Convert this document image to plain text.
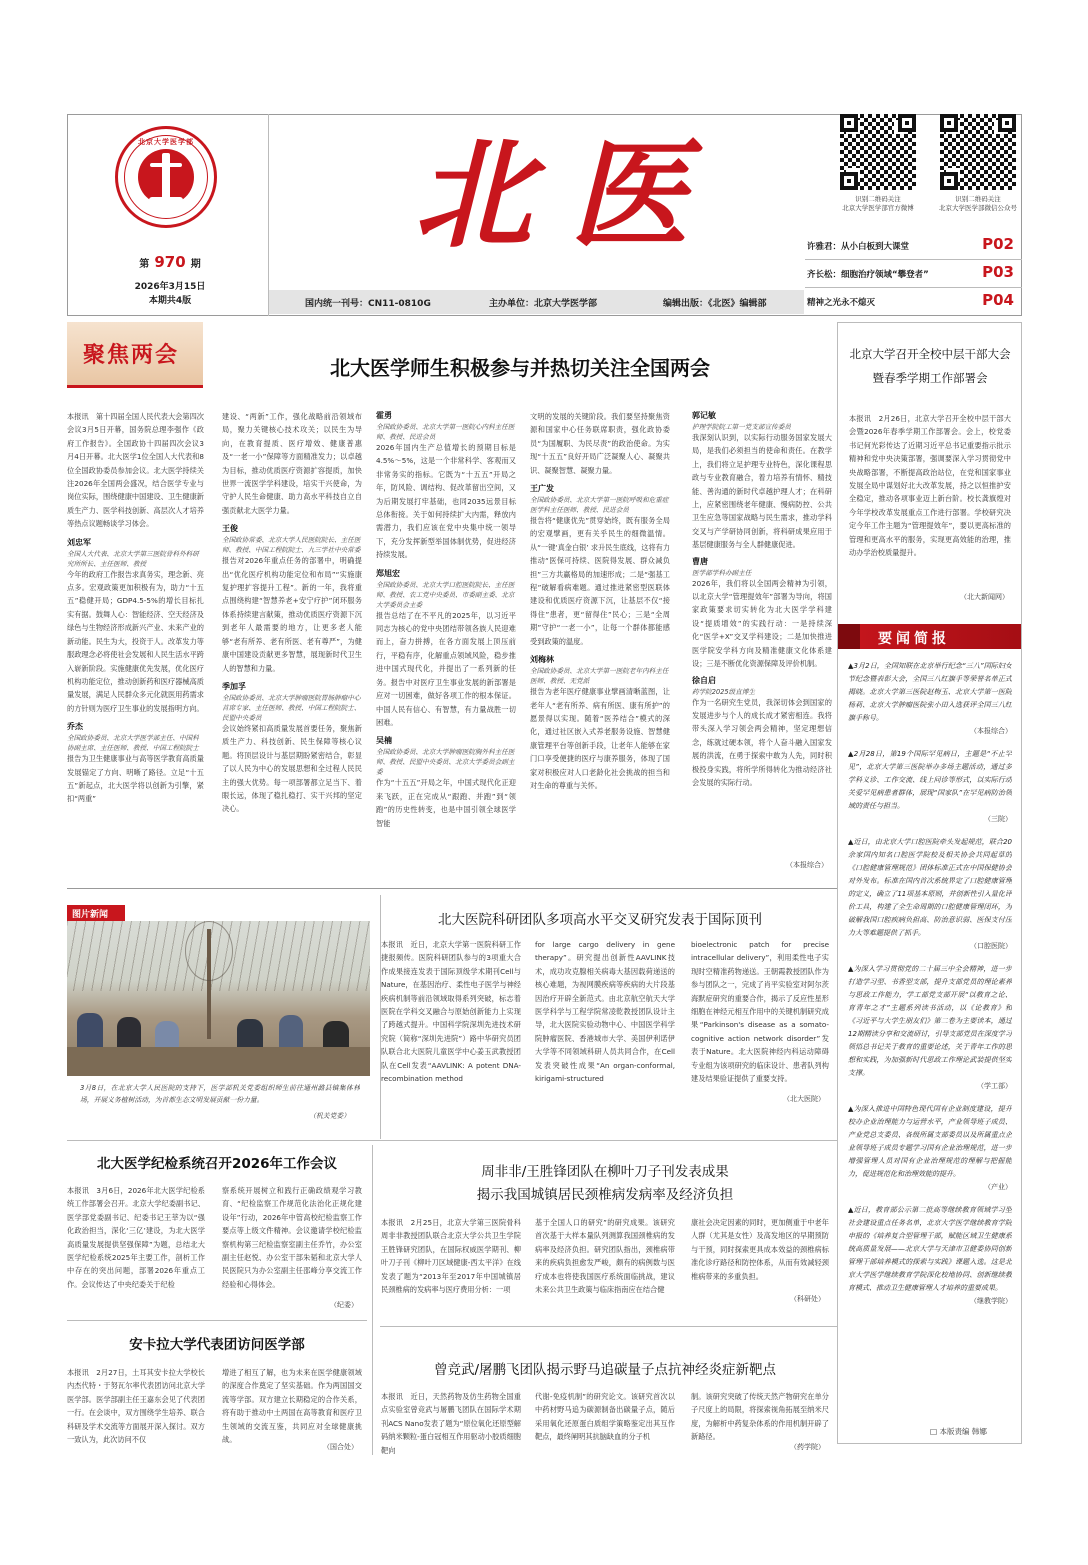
北京大学医学部
第 970 期
2026年3月15日
本期共4版
北医	识别二维码关注
北京大学医学部官方微博
识别二维码关注
北京大学医学部微信公众号
许雅君：从小白板到大课堂	P02
齐长松：细胞治疗领域“攀登者”	P03
精神之光永不熄灭	P04
国内统一刊号：CN11-0810G	主办单位：北京大学医学部	编辑出版：《北医》编辑部
聚焦两会	北大医学师生积极参与并热切关注全国两会

本报讯　第十四届全国人民代表大会第四次会议3月5日开幕，国务院总理李强作《政府工作报告》。全国政协十四届四次会议3月4日开幕。北大医学1位全国人大代表和8位全国政协委员参加会议。北大医学持续关注2026年全国两会盛况，结合医学专业与岗位实际，围绕健康中国建设、卫生健康新质生产力、医学科技创新、高层次人才培养等热点议题畅谈学习体会。

刘忠军
全国人大代表、北京大学第三医院骨科外科研究所所长、主任医师、教授

今年的政府工作报告求真务实，理念新、亮点多。宏观政策更加积极有为，助力“十五五”稳健开局；GDP4.5-5%的增长目标扎实有据。鼓舞人心：智能经济、空天经济及绿色与生物经济形成新兴产业、未来产业的新动能。民生为大，投资于人。改革发力等服政理念必将使社会发展和人民生活水平跨入崭新阶段。实施健康优先发展，优化医疗机构功能定位，推动创新药和医疗器械高质量发展，满足人民群众多元化就医用药需求的方针则为医疗卫生事业的发展指明方向。

乔杰
全国政协委员、北京大学医学部主任、中国科协副主席、主任医师、教授、中国工程院院士

报告为卫生健康事业与高等医学教育高质量发展锚定了方向、明晰了路径。立足“十五五”新起点，北大医学将以创新为引擎，紧扣“两重”

建设、“两新”工作，强化战略前沿领域布局，聚力关键核心技术攻关；以民生为导向，在教育提质、医疗增效、健康普惠及“一老一小”保障等方面精准发力；以卓越为目标，推动优质医疗资源扩容提质，加快世界一流医学学科建设，培实干兴使命，为守护人民生命健康、助力高水平科技自立自强贡献北大医学力量。

王俊
全国政协常委、北京大学人民医院院长、主任医师、教授、中国工程院院士、九三学社中央常委

报告对2026年重点任务的部署中，明确提出“优化医疗机构功能定位和布局”“实施康复护理扩容提升工程”。新的一年，我将重点围绕构建“智慧养老+安宁疗护”闭环服务体系持续建言献策，推动优质医疗资源下沉到老年人最需要的地方，让更多老人能够“老有所养、老有所医、老有尊严”，为健康中国建设贡献更多智慧，展现新时代卫生人的智慧和力量。

季加孚
全国政协委员、北京大学肿瘤医院胃肠肿瘤中心首席专家、主任医师、教授、中国工程院院士、民盟中央委员

会议始终紧扣高质量发展首要任务，聚焦新质生产力、科技创新、民生保障等核心议题。将顶层设计与基层期盼紧密结合，彰显了以人民为中心的发展思想和全过程人民民主的强大优势。每一项部署都立足当下、着眼长远，体现了稳扎稳打、实干兴邦的坚定决心。

霍勇
全国政协委员、北京大学第一医院心内科主任医师、教授、民进会员

2026年国内生产总值增长的预期目标是4.5%～5%，这是一个非常科学、客观而又非常务实的指标。它既为“十五五”开局之年，防风险、调结构、促改革留出空间，又为后期发展打牢基础，也同2035远景目标总体衔接。关于如何持续扩大内需，释放内需潜力，我们应该在党中央集中统一领导下，充分发挥新型举国体制优势，促进经济持续发展。

郑旭宏
全国政协委员、北京大学口腔医院院长、主任医师、教授、农工党中央委员、市委副主委、北京大学委员会主委

报告总结了在不平凡的2025年，以习近平同志为核心的党中央团结带领各族人民迎难而上，奋力拼搏，在各方面发展上顶压前行，平稳有序，化解重点领域风险，稳步推进中国式现代化，并提出了一系列新的任务。报告中对医疗卫生事业发展的新部署是应对一切困难，做好各项工作的根本保证。中国人民有信心、有智慧，有力量战胜一切困难。

吴楠
全国政协委员、北京大学肿瘤医院胸外科主任医师、教授、民盟中央委员、北京大学委员会副主委

作为“十五五”开局之年，中国式现代化正迎来飞跃，正在完成从“跟跑、并跑”到“领跑”的历史性转变，也是中国引领全球医学智能

文明的发展的关键阶段。我们要坚持聚焦资源和国家中心任务联席职责，强化政协委员“为国履职、为民尽责”的政治使命。为实现“十五五”良好开局广泛凝聚人心、凝聚共识、凝聚智慧、凝聚力量。

王广发
全国政协委员、北京大学第一医院呼吸和危重症医学科主任医师、教授、民进会员

报告将“健康优先”贯穿始终，既有服务全局的宏观擘画，更有关乎民生的细微温情。从“一键‘真金白银’ 求升民生底线，这将有力推动“医保可持续、医院得发展、群众减负担”三方共赢格局的加速形成；二是“强基工程”破解看病难题。通过推进紧密型医联体建设和优质医疗资源下沉，让基层不仅“接得住”患者，更“留得住”民心；三是“全周期”守护“一老一小”，让每一个群体都能感受到政策的温度。

刘梅林
全国政协委员、北京大学第一医院老年内科主任医师、教授、无党派

报告为老年医疗健康事业擘画清晰蓝图，让老年人“老有所养、病有所医、康有所护”的愿景得以实现。随着“医养结合”模式的深化，通过社区嵌入式养老服务设施、智慧健康管理平台等创新手段，让老年人能够在家门口享受便捷的医疗与康养服务，体现了国家对积极应对人口老龄化社会挑战的担当和对生命的尊重与关怀。

郭记敏
护理学院院工第一党支部宣传委员

我深刻认识到，以实际行动服务国家发展大局，是我们必须担当的使命和责任。在教学上，我们将立足护理专业特色，深化课程思政与专业教育融合，着力培养有情怀、精技能、善沟通的新时代卓越护理人才；在科研上，应紧密围绕老年健康、慢病防控、公共卫生应急等国家战略与民生需求，推动学科交叉与产学研协同创新，将科研成果应用于基层健康服务与全人群健康促进。

曹唐
医学部学科办副主任

2026年，我们将以全国两会精神为引领，以北京大学“管理提效年”部署为导向，将国家政策要求切实转化为北大医学学科建设“提质增效”的实践行动：一是持续深化“医学+X”交叉学科建设；二是加快推进医学院安学科方向及精准健康文化体系建设；三是不断优化资源保障及评价机制。

徐自启
药学院2025级直博生

作为一名研究生党员，我深切体会到国家的发展进步与个人的成长成才紧密相连。我将带头深入学习领会两会精神，坚定理想信念，练就过硬本领，将个人奋斗融入国家发展的洪流，在勇于探索中敢为人先，同时积极投身实践，将所学所得转化为推动经济社会发展的实际行动。

（本报综合）
北京大学召开全校中层干部大会
暨春季学期工作部署会

本报讯　2月26日，北京大学召开全校中层干部大会暨2026年春季学期工作部署会。会上，校党委书记何光彩传达了近期习近平总书记重要指示批示精神和党中央决策部署，强调要深入学习贯彻党中央战略部署，不断提高政治站位，在党和国家事业发展全局中谋划好北大改革发展，持之以恒推护安全稳定，推动各项事业迈上新台阶。校长龚旗煌对今年学校改革发展重点工作进行部署。学校研究决定今年工作主题为“管理提效年”，要以更高标准的管理和更高水平的服务，实现更高效能的治理，推动办学治校质量提升。

（北大新闻网）
要闻简报

▲3月2日，全国知联在北京举行纪念“三八”国际妇女节纪念暨表彰大会，全国三八红旗手等荣誉名单正式揭晓。北京大学第三医院赵梅玉、北京大学第一医院杨莉、北京大学肿瘤医院张小田入选获评全国三八红旗手称号。

（本报综合）

▲2月28日，第19个国际罕见病日，主题是“不止罕见”，北京大学第三医院举办多场主题活动，通过多学科义诊、工作交流、线上问诊等形式，以实际行动关爱罕见病患者群体，展现“国家队”在罕见病防治领域的责任与担当。

（三院）

▲近日，由北京大学口腔医院牵头发起规范，联合20余家国内知名口腔医学院校及相关协会共同起草的《口腔健康管理规范》团体标准正式在中国保健协会对外发布。标准在国内首次系统界定了口腔健康管理的定义，确立了11项基本原则，并创新性引入量化评价工具，构建了全生命周期的口腔健康管理闭环，为破解我国口腔疾病负担高、防治意识弱、医保支付压力大等难题提供了抓手。

（口腔医院）

▲为深入学习贯彻党的二十届三中全会精神，进一步打造学习型、书香型支部，提升支部党员的理论素养与思政工作能力，学工部党支部开展“以教育之论、育青年之才”主题系列读书活动，以《论教育》和《习近平与大学生朋友们》第二卷为主要读本，通过12期精读分享和交流研讨，引导支部党员在深度学习领悟总书记关于教育的重要论述，关于青年工作的思想和实践，为加强新时代思政工作理论武装提供坚实支撑。

（学工部）

▲为深入推进中国特色现代国有企业制度建设，提升校办企业治理能力与运营水平，产业领导班子成员、产业党总支委员、各级所属支部委员以及所属重点企业领导班子成员专题学习国有企业治理规范，进一步增强管理人员对国有企业治理规范的理解与把握能力，促进规范化和治理效能的提升。

（产业）

▲近日，教育部公示第二批高等继续教育领域学习型社会建设重点任务名单，北京大学医学继续教育学院申报的《培养复合型管理干部，赋能区域卫生健康系统高质量发展——北京大学与天津市卫健委协同创新管理干部培养模式的探索与实践》课题入选。这是北京大学医学继续教育学院深化校地协同、创新继续教育模式、推动卫生健康管理人才培养的重要成果。

（继教学院）
□ 本版责编 韩娜
图片新闻

3月8日，在北京大学人民医院的支持下，医学部机关党委组织师生前往通州潞县镇集体林场，开展义务植树活动，为首都生态文明发展贡献一份力量。

（机关党委）
北大医院科研团队多项高水平交叉研究发表于国际顶刊

本报讯　近日，北京大学第一医院科研工作捷报频传。医院科研团队参与的3项重大合作成果接连发表于国际顶级学术期刊Cell与Nature，在基因治疗、柔性电子医学与神经疾病机制等前沿领域取得系列突破，标志着医院在学科交叉融合与原始创新能力上实现了跨越式提升。中国科学院深圳先进技术研究院（简称“深圳先进院”）路中华研究员团队联合北大医院儿童医学中心姜玉武教授团队在Cell发表“AAVLINK: A potent DNA-recombination method

for large cargo delivery in gene therapy”。研究提出创新性AAVLINK技术，成功攻克腺相关病毒大基因载荷递送的核心难题，为视网膜疾病等疾病的大片段基因治疗开辟全新范式。由北京航空航天大学医学科学与工程学院常凌乾教授团队设计主导，北大医院实验动物中心、中国医学科学院肿瘤医院、香港城市大学、美国伊利诺伊大学等不同领域科研人员共同合作，在Cell发表突破性成果“An organ-conformal, kirigami-structured

bioelectronic patch for precise intracellular delivery”，利用柔性电子实现时空精准药物递送。王朝霞教授团队作为参与团队之一，完成了肖平实验室对阿尔茨海默症研究的重要合作，揭示了反应性星形细胞在神经元相互作用中的关键机制研究成果“Parkinson's disease as a somato-cognitive action network disorder”发表于Nature。北大医院神经内科运动障碍专业组为该项研究的临床设计、患者队列构建及结果验证提供了重要支持。

（北大医院）
北大医学纪检系统召开2026年工作会议

本报讯　3月6日，2026年北大医学纪检系统工作部署会召开。北京大学纪委副书记、医学部党委副书记、纪委书记王莘为以“强化政治担当，深化‘三亿’建设，为北大医学高质量发展提供坚强保障”为题，总结北大医学纪检系统2025年主要工作，剖析工作中存在的突出问题，部署2026年重点工作。会议传达了中央纪委关于纪检

察系统开展树立和践行正确政绩观学习教育、“纪检监察工作规范化法治化正规化建设年”行动，2026年中管高校纪检监察工作要点等上级文件精神。会议邀请学校纪检监察机构第三纪检监察室副主任乔竹，办公室副主任赵悦、办公室干部朱韬和北京大学人民医院只为办公室副主任邵峰分享交流工作经验和心得体会。

（纪委）
安卡拉大学代表团访问医学部

本报讯　2月27日，土耳其安卡拉大学校长内杰代特・于努瓦尔率代表团访问北京大学医学部。医学部副主任王嘉东会见了代表团一行。在会谈中，双方围绕学生培养、联合科研及学术交流等方面展开深入探讨。双方一致认为，此次访问不仅

增进了相互了解，也为未来在医学健康领域的深度合作奠定了坚实基础。作为两国国交流等学部。双方建立长期稳定的合作关系，将有助于推动中土两国在高等教育和医疗卫生领域的交流互鉴，共同应对全球健康挑战。

（国合处）
周非非/王胜锋团队在柳叶刀子刊发表成果
揭示我国城镇居民颈椎病发病率及经济负担

本报讯　2月25日，北京大学第三医院骨科周非非教授团队联合北京大学公共卫生学院王胜锋研究团队，在国际权威医学期刊、柳叶刀子刊《柳叶刀区域健康-西太平洋》在线发表了题为“2013年至2017年中国城镇居民颈椎病的发病率与医疗费用分析：一项

基于全国人口的研究”的研究成果。该研究首次基于大样本量队列测算我国颈椎病的发病率及经济负担。研究团队指出，颈椎病带来的疾病负担愈发严峻，颇有的病例数与医疗成本也将使我国医疗系统面临挑战，建议未来公共卫生政策与临床指南应在结合健

康社会决定因素的同时，更加侧重于中老年人群（尤其是女性）及高发地区的早期预防与干预，同时探索更具成本效益的颈椎病标准化诊疗路径和防控体系，从而有效减轻颈椎病带来的多重负担。

（科研处）
曾竞武/屠鹏飞团队揭示野马追碳量子点抗神经炎症新靶点

本报讯　近日，天然药物及仿生药物全国重点实验室曾竞武与屠鹏飞团队在国际学术期刊ACS Nano发表了题为“原位氧化还原型解码纳米颗粒-蛋白冠相互作用驱动小胶质细胞靶向

代谢-免疫机制”的研究论文。该研究首次以中药材野马追为碳源制备出碳量子点，随后采用氧化还原蛋白质组学策略鉴定出其互作靶点，最终阐明其抗脑缺血的分子机

制。该研究突破了传统天然产物研究在单分子尺度上的局限，将探索视角拓展至纳米尺度，为解析中药复杂体系的作用机制开辟了新路径。

（药学院）
